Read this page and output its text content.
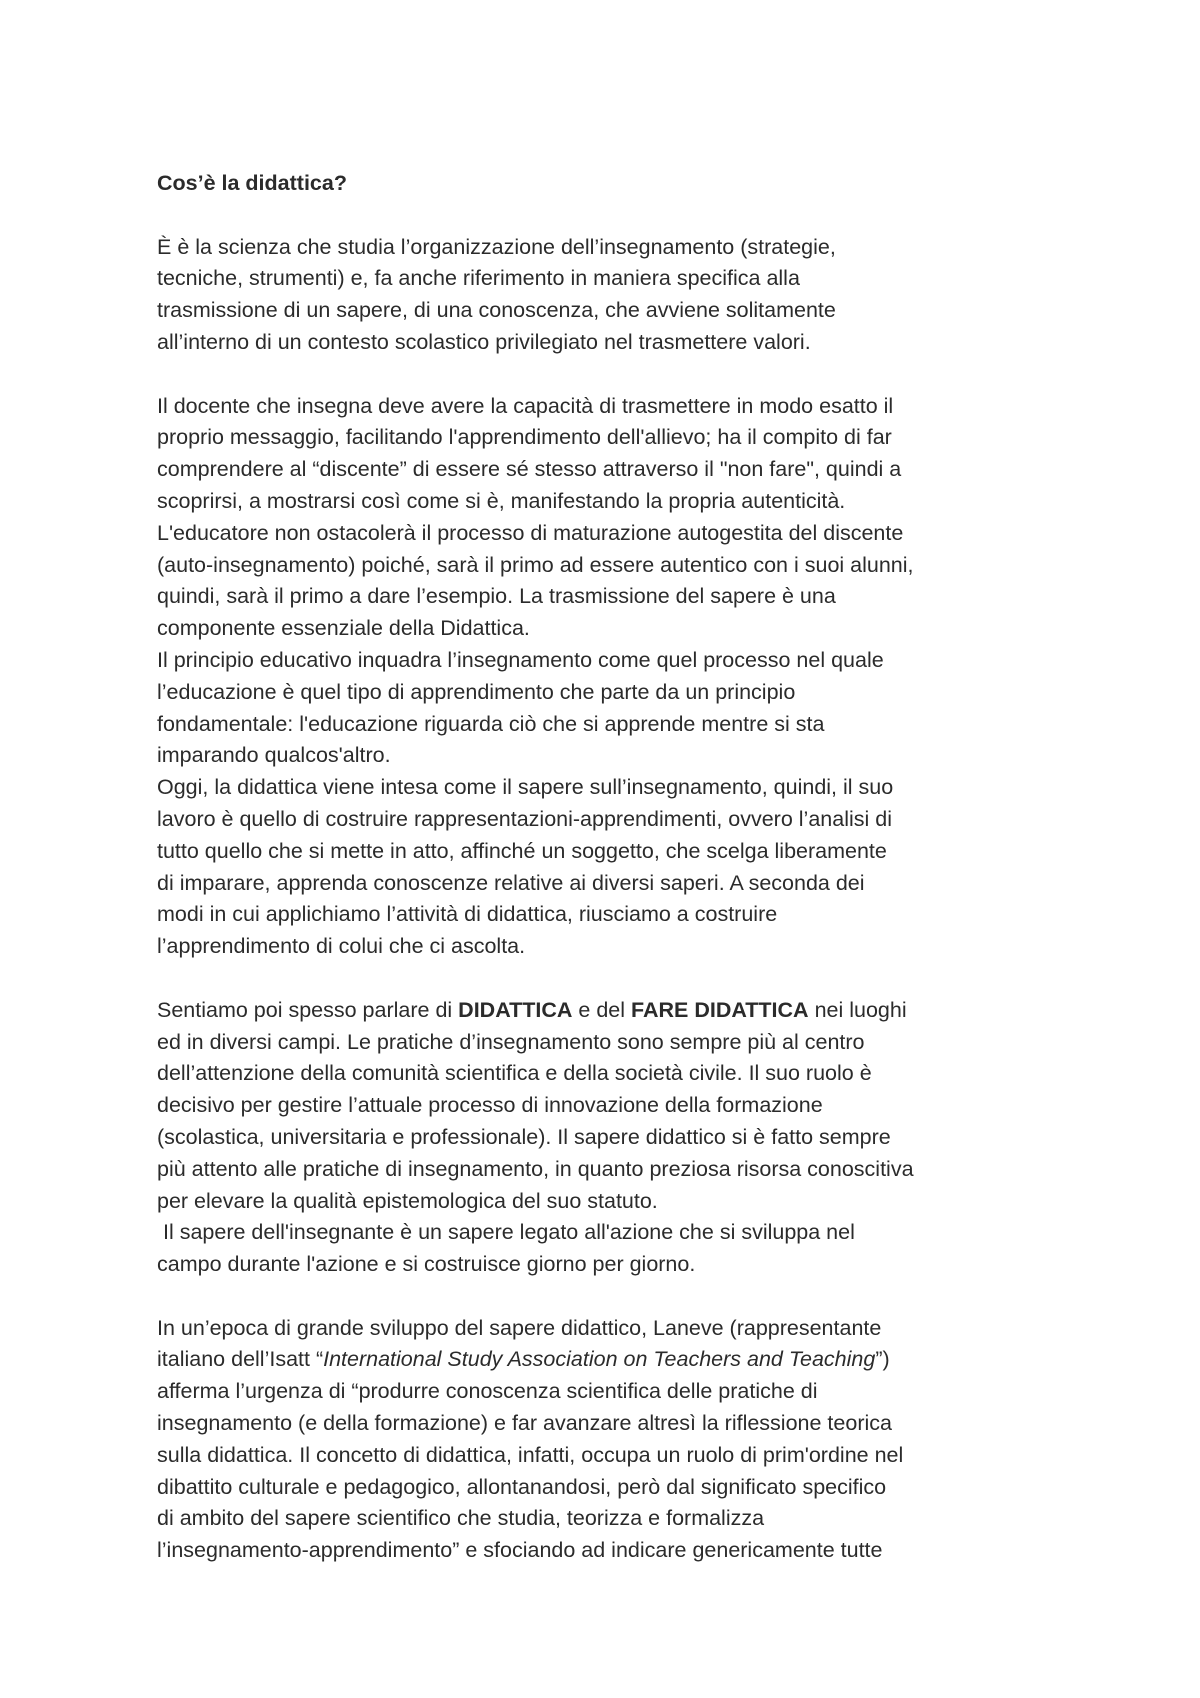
Cos’è la didattica?
È è la scienza che studia l’organizzazione dell’insegnamento (strategie,
tecniche, strumenti) e, fa anche riferimento in maniera specifica alla
trasmissione di un sapere, di una conoscenza, che avviene solitamente
all’interno di un contesto scolastico privilegiato nel trasmettere valori.
Il docente che insegna deve avere la capacità di trasmettere in modo esatto il
proprio messaggio, facilitando l'apprendimento dell'allievo; ha il compito di far
comprendere al “discente” di essere sé stesso attraverso il "non fare", quindi a
scoprirsi, a mostrarsi così come si è, manifestando la propria autenticità.
L'educatore non ostacolerà il processo di maturazione autogestita del discente
(auto-insegnamento) poiché, sarà il primo ad essere autentico con i suoi alunni,
quindi, sarà il primo a dare l’esempio. La trasmissione del sapere è una
componente essenziale della Didattica.
Il principio educativo inquadra l’insegnamento come quel processo nel quale
l’educazione è quel tipo di apprendimento che parte da un principio
fondamentale: l'educazione riguarda ciò che si apprende mentre si sta
imparando qualcos'altro.
Oggi, la didattica viene intesa come il sapere sull’insegnamento, quindi, il suo
lavoro è quello di costruire rappresentazioni-apprendimenti, ovvero l’analisi di
tutto quello che si mette in atto, affinché un soggetto, che scelga liberamente
di imparare, apprenda conoscenze relative ai diversi saperi. A seconda dei
modi in cui applichiamo l’attività di didattica, riusciamo a costruire
l’apprendimento di colui che ci ascolta.
Sentiamo poi spesso parlare di DIDATTICA e del FARE DIDATTICA nei luoghi
ed in diversi campi. Le pratiche d’insegnamento sono sempre più al centro
dell’attenzione della comunità scientifica e della società civile. Il suo ruolo è
decisivo per gestire l’attuale processo di innovazione della formazione
(scolastica, universitaria e professionale). Il sapere didattico si è fatto sempre
più attento alle pratiche di insegnamento, in quanto preziosa risorsa conoscitiva
per elevare la qualità epistemologica del suo statuto.
Il sapere dell'insegnante è un sapere legato all'azione che si sviluppa nel
campo durante l'azione e si costruisce giorno per giorno.
In un’epoca di grande sviluppo del sapere didattico, Laneve (rappresentante
italiano dell’Isatt “International Study Association on Teachers and Teaching”)
afferma l’urgenza di “produrre conoscenza scientifica delle pratiche di
insegnamento (e della formazione) e far avanzare altresì la riflessione teorica
sulla didattica. Il concetto di didattica, infatti, occupa un ruolo di prim'ordine nel
dibattito culturale e pedagogico, allontanandosi, però dal significato specifico
di ambito del sapere scientifico che studia, teorizza e formalizza
l’insegnamento-apprendimento” e sfociando ad indicare genericamente tutte
